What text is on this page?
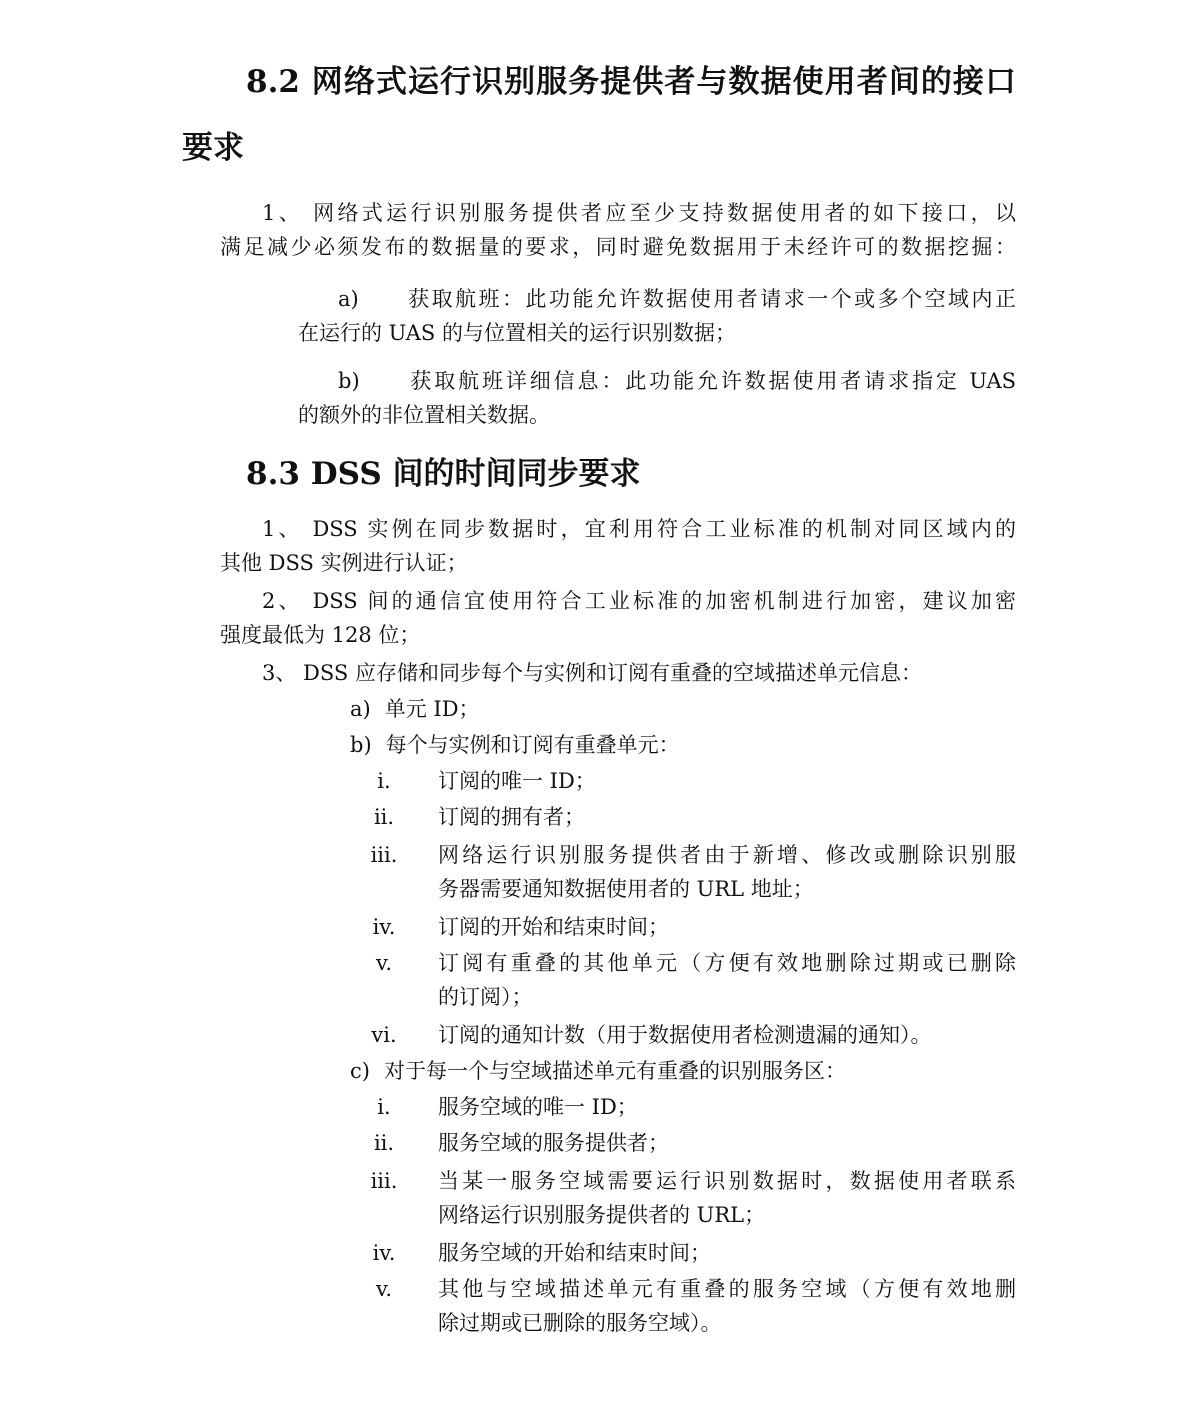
8.2 网络式运行识别服务提供者与数据使用者间的接口
要求
1、 网络式运行识别服务提供者应至少支持数据使用者的如下接口，以
满足减少必须发布的数据量的要求，同时避免数据用于未经许可的数据挖掘：
a)　　获取航班：此功能允许数据使用者请求一个或多个空域内正
在运行的 UAS 的与位置相关的运行识别数据；
b)　　获取航班详细信息：此功能允许数据使用者请求指定 UAS
的额外的非位置相关数据。
8.3 DSS 间的时间同步要求
1、 DSS 实例在同步数据时，宜利用符合工业标准的机制对同区域内的
其他 DSS 实例进行认证；
2、 DSS 间的通信宜使用符合工业标准的加密机制进行加密，建议加密
强度最低为 128 位；
3、 DSS 应存储和同步每个与实例和订阅有重叠的空域描述单元信息：
a) 单元 ID；
b) 每个与实例和订阅有重叠单元：
i.	订阅的唯一 ID；
ii.	订阅的拥有者；
iii.	网络运行识别服务提供者由于新增、修改或删除识别服
务器需要通知数据使用者的 URL 地址；
iv.	订阅的开始和结束时间；
v.	订阅有重叠的其他单元（方便有效地删除过期或已删除
的订阅）；
vi.	订阅的通知计数（用于数据使用者检测遗漏的通知）。
c) 对于每一个与空域描述单元有重叠的识别服务区：
i.	服务空域的唯一 ID；
ii.	服务空域的服务提供者；
iii.	当某一服务空域需要运行识别数据时，数据使用者联系
网络运行识别服务提供者的 URL；
iv.	服务空域的开始和结束时间；
v.	其他与空域描述单元有重叠的服务空域（方便有效地删
除过期或已删除的服务空域）。
